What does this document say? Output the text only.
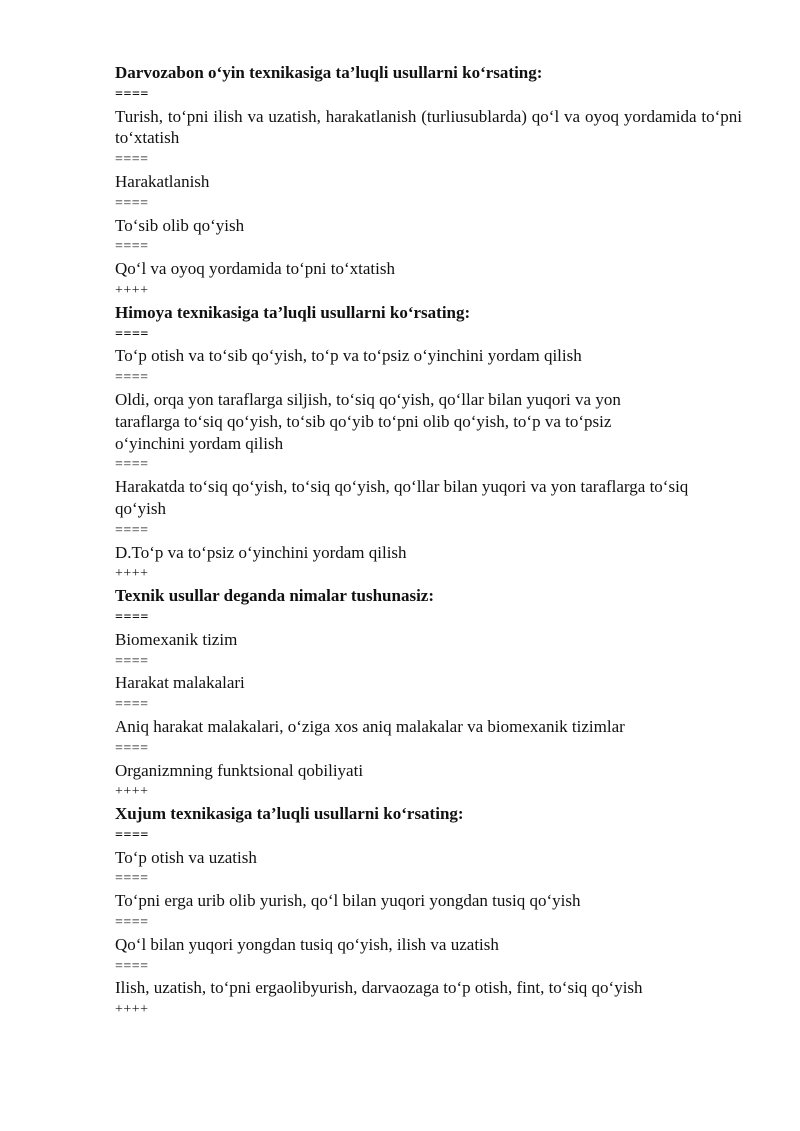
Darvozabon o‘yin texnikasiga ta’luqli usullarni ko‘rsating:

====

Turish, to‘pni ilish va uzatish, harakatlanish (turliusublarda) qo‘l va oyoq yordamida to‘pni to‘xtatish

====

Harakatlanish

====

To‘sib olib qo‘yish

====

Qo‘l va oyoq yordamida to‘pni to‘xtatish

++++

Himoya texnikasiga ta’luqli usullarni ko‘rsating:

====

To‘p otish va to‘sib qo‘yish, to‘p va to‘psiz o‘yinchini yordam qilish

====

Oldi, orqa yon taraflarga siljish, to‘siq qo‘yish, qo‘llar bilan yuqori va yon taraflarga to‘siq qo‘yish, to‘sib qo‘yib to‘pni olib qo‘yish, to‘p va to‘psiz o‘yinchini yordam qilish

====

Harakatda to‘siq qo‘yish, to‘siq qo‘yish, qo‘llar bilan yuqori va yon taraflarga to‘siq qo‘yish

====

D.To‘p va to‘psiz o‘yinchini yordam qilish

++++

Texnik usullar deganda nimalar tushunasiz:

====

Biomexanik tizim

====

Harakat malakalari

====

Aniq harakat malakalari, o‘ziga xos aniq malakalar va biomexanik tizimlar

====

Organizmning funktsional qobiliyati

++++

Xujum texnikasiga ta’luqli usullarni ko‘rsating:

====

To‘p otish va uzatish

====

To‘pni erga urib olib yurish, qo‘l bilan yuqori yongdan tusiq qo‘yish

====

Qo‘l bilan yuqori yongdan tusiq qo‘yish, ilish va uzatish

====

Ilish, uzatish, to‘pni ergaolibyurish, darvaozaga to‘p otish, fint, to‘siq qo‘yish

++++
